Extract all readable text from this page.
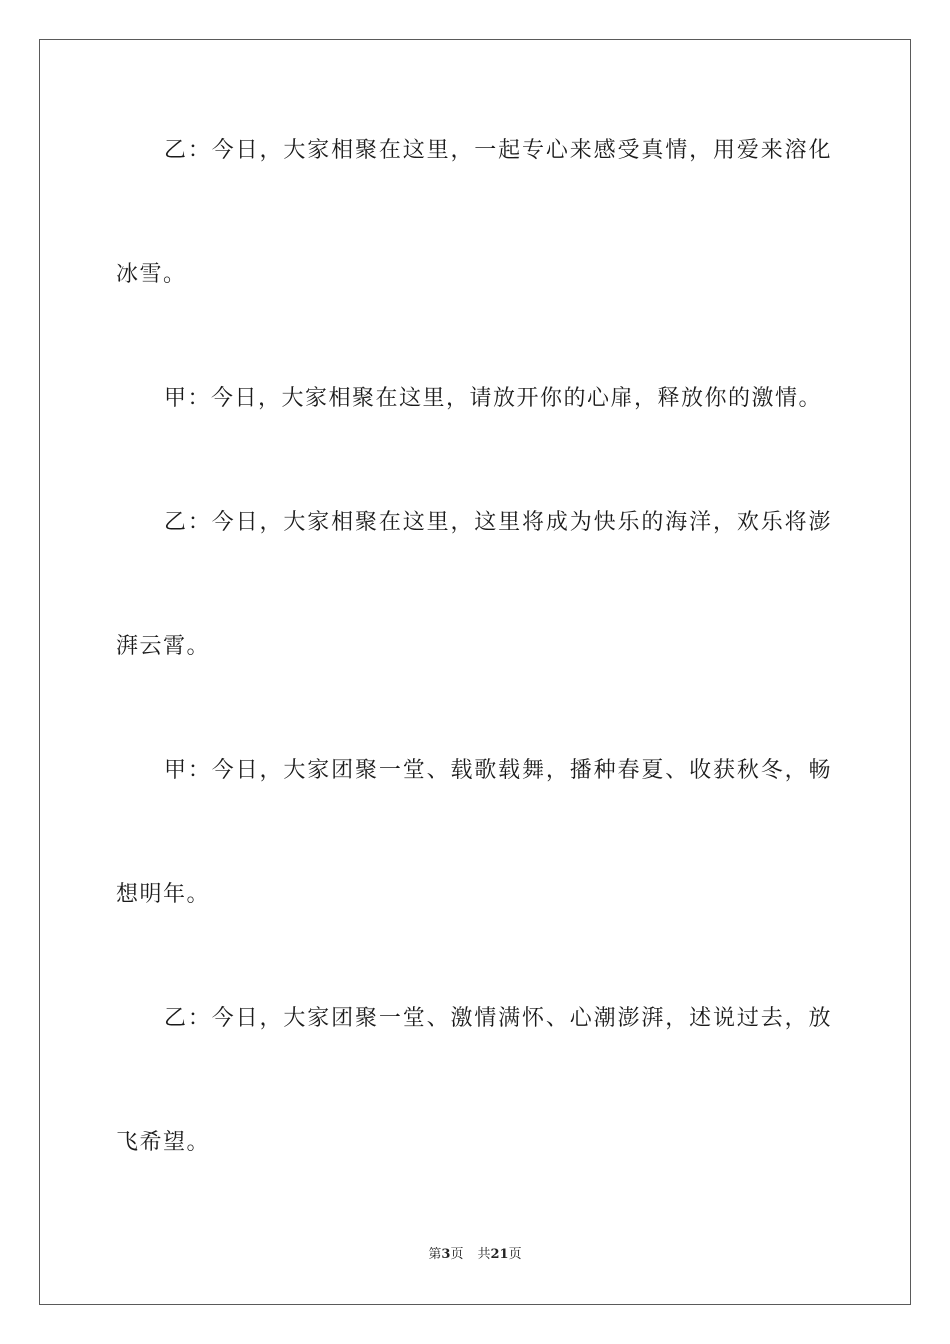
乙：今日，大家相聚在这里，一起专心来感受真情，用爱来溶化
冰雪。
甲：今日，大家相聚在这里，请放开你的心扉，释放你的激情。
乙：今日，大家相聚在这里，这里将成为快乐的海洋，欢乐将澎
湃云霄。
甲：今日，大家团聚一堂、载歌载舞，播种春夏、收获秋冬，畅
想明年。
乙：今日，大家团聚一堂、激情满怀、心潮澎湃，述说过去，放
飞希望。
第3页 共21页
